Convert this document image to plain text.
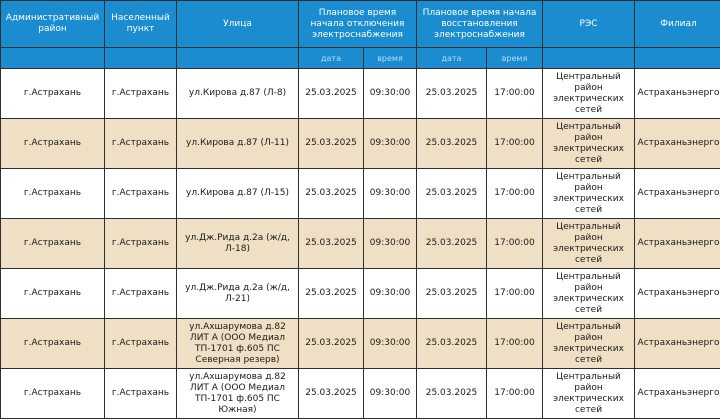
Административный район	Населенный пункт	Улица	Плановое время начала отключения электроснабжения		Плановое время начала восстановления электроснабжения		РЭС	Филиал
			дата	время	дата	время		
г.Астрахань	г.Астрахань	ул.Кирова д.87 (Л-8)	25.03.2025	09:30:00	25.03.2025	17:00:00	Центральный район электрических сетей	Астраханьэнерго
г.Астрахань	г.Астрахань	ул.Кирова д.87 (Л-11)	25.03.2025	09:30:00	25.03.2025	17:00:00	Центральный район электрических сетей	Астраханьэнерго
г.Астрахань	г.Астрахань	ул.Кирова д.87 (Л-15)	25.03.2025	09:30:00	25.03.2025	17:00:00	Центральный район электрических сетей	Астраханьэнерго
г.Астрахань	г.Астрахань	ул.Дж.Рида д.2а (ж/д, Л-18)	25.03.2025	09:30:00	25.03.2025	17:00:00	Центральный район электрических сетей	Астраханьэнерго
г.Астрахань	г.Астрахань	ул.Дж.Рида д.2а (ж/д, Л-21)	25.03.2025	09:30:00	25.03.2025	17:00:00	Центральный район электрических сетей	Астраханьэнерго
г.Астрахань	г.Астрахань	ул.Ахшарумова д.82 ЛИТ А (ООО Медиал ТП-1701 ф.605 ПС Северная резерв)	25.03.2025	09:30:00	25.03.2025	17:00:00	Центральный район электрических сетей	Астраханьэнерго
г.Астрахань	г.Астрахань	ул.Ахшарумова д.82 ЛИТ А (ООО Медиал ТП-1701 ф.605 ПС Южная)	25.03.2025	09:30:00	25.03.2025	17:00:00	Центральный район электрических сетей	Астраханьэнерго
